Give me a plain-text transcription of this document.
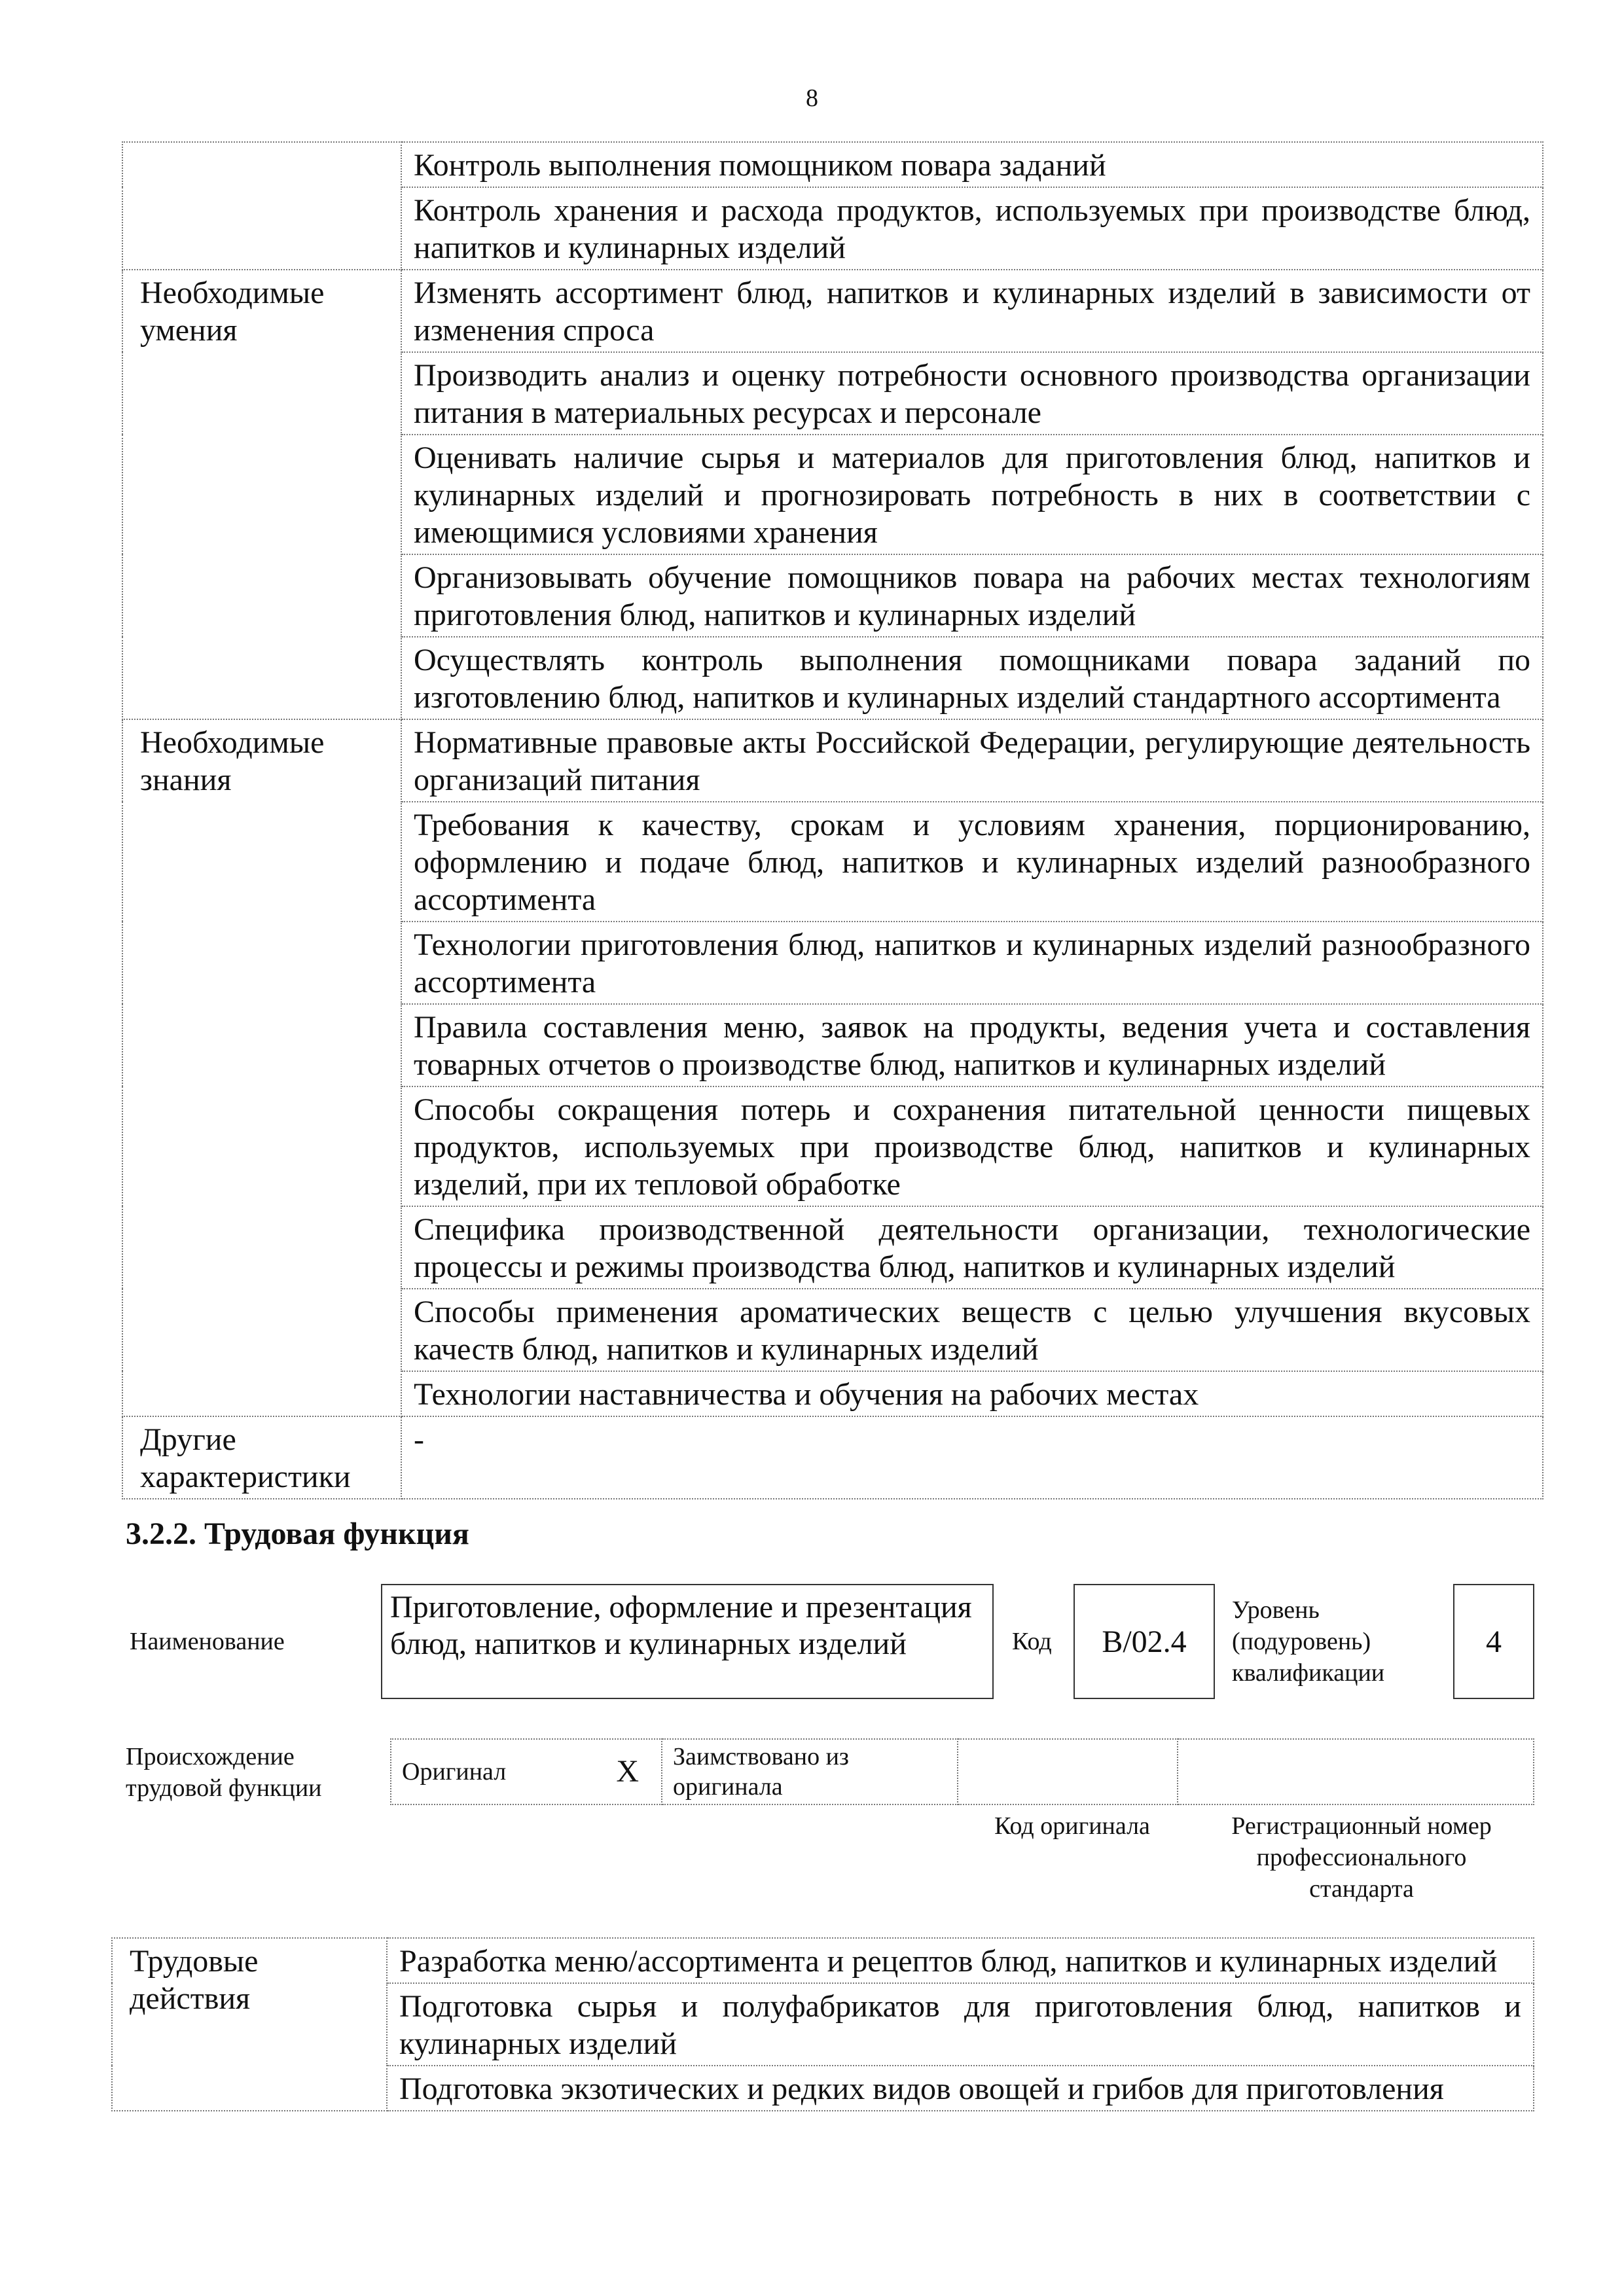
8
	Контроль выполнения помощником повара заданий
	Контроль хранения и расхода продуктов, используемых при производстве блюд, напитков и кулинарных изделий
Необходимые умения	Изменять ассортимент блюд, напитков и кулинарных изделий в зависимости от изменения спроса
	Производить анализ и оценку потребности основного производства организации питания в материальных ресурсах и персонале
	Оценивать наличие сырья и материалов для приготовления блюд, напитков и кулинарных изделий и прогнозировать потребность в них в соответствии с имеющимися условиями хранения
	Организовывать обучение помощников повара на рабочих местах технологиям приготовления блюд, напитков и кулинарных изделий
	Осуществлять контроль выполнения помощниками повара заданий по изготовлению блюд, напитков и кулинарных изделий стандартного ассортимента
Необходимые знания	Нормативные правовые акты Российской Федерации, регулирующие деятельность организаций питания
	Требования к качеству, срокам и условиям хранения, порционированию, оформлению и подаче блюд, напитков и кулинарных изделий разнообразного ассортимента
	Технологии приготовления блюд, напитков и кулинарных изделий разнообразного ассортимента
	Правила составления меню, заявок на продукты, ведения учета и составления товарных отчетов о производстве блюд, напитков и кулинарных изделий
	Способы сокращения потерь и сохранения питательной ценности пищевых продуктов, используемых при производстве блюд, напитков и кулинарных изделий, при их тепловой обработке
	Специфика производственной деятельности организации, технологические процессы и режимы производства блюд, напитков и кулинарных изделий
	Способы применения ароматических веществ с целью улучшения вкусовых качеств блюд, напитков и кулинарных изделий
	Технологии наставничества и обучения на рабочих местах
Другие характеристики	-
3.2.2. Трудовая функция
Наименование
Приготовление, оформление и презентация блюд, напитков и кулинарных изделий	Код	B/02.4
Уровень (подуровень) квалификации
4
Происхождение трудовой функции
Оригинал	X	Заимствовано из оригинала		
Код оригинала	Регистрационный номер профессионального стандарта
Трудовые действия	Разработка меню/ассортимента и рецептов блюд, напитков и кулинарных изделий
Подготовка сырья и полуфабрикатов для приготовления блюд, напитков и кулинарных изделий
Подготовка экзотических и редких видов овощей и грибов для приготовления
